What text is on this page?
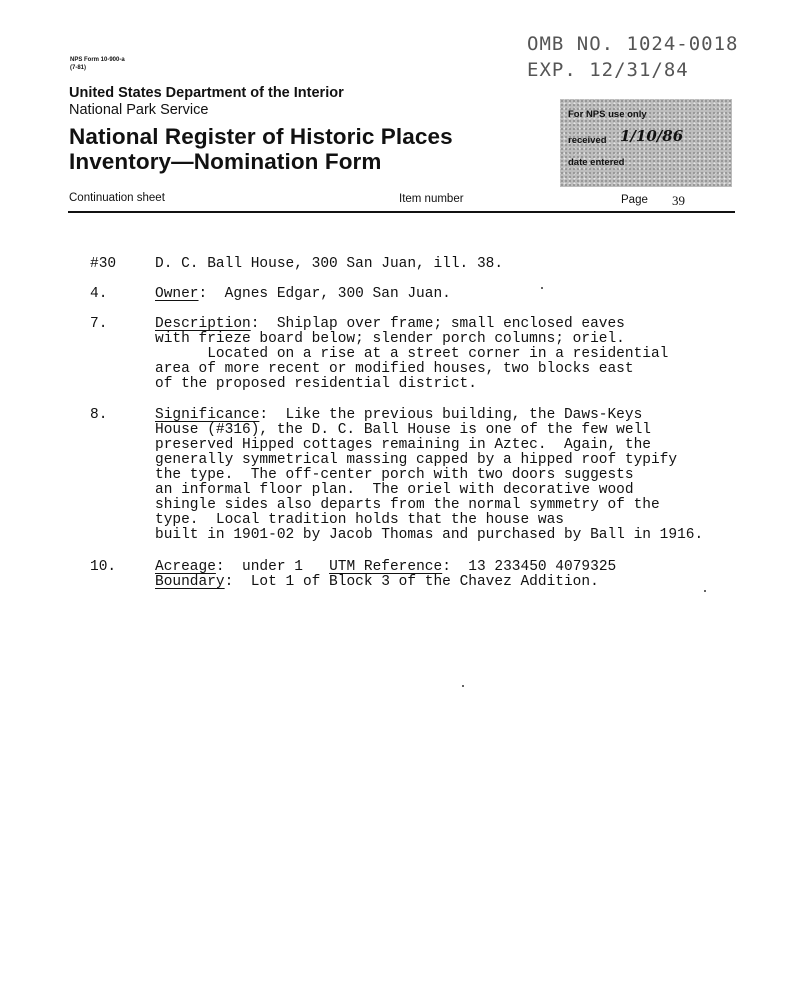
NPS Form 10-900-a
(7-81)
United States Department of the Interior
National Park Service
National Register of Historic Places
Inventory—Nomination Form
OMB NO. 1024-0018
EXP. 12/31/84

For NPS use only

received

1/10/86

date entered

Continuation sheet	Item number	Page 39
#30	D. C. Ball House, 300 San Juan, ill. 38.
4.	Owner:  Agnes Edgar, 300 San Juan.
7.	Description:  Shiplap over frame; small enclosed eaves
with frieze board below; slender porch columns; oriel.
Located on a rise at a street corner in a residential
area of more recent or modified houses, two blocks east
of the proposed residential district.
8.	Significance:  Like the previous building, the Daws-Keys
House (#316), the D. C. Ball House is one of the few well
preserved Hipped cottages remaining in Aztec.  Again, the
generally symmetrical massing capped by a hipped roof typify
the type.  The off-center porch with two doors suggests
an informal floor plan.  The oriel with decorative wood
shingle sides also departs from the normal symmetry of the
type.  Local tradition holds that the house was
built in 1901-02 by Jacob Thomas and purchased by Ball in 1916.
10.	Acreage:  under 1 UTM Reference:  13 233450 4079325
Boundary:  Lot 1 of Block 3 of the Chavez Addition.
